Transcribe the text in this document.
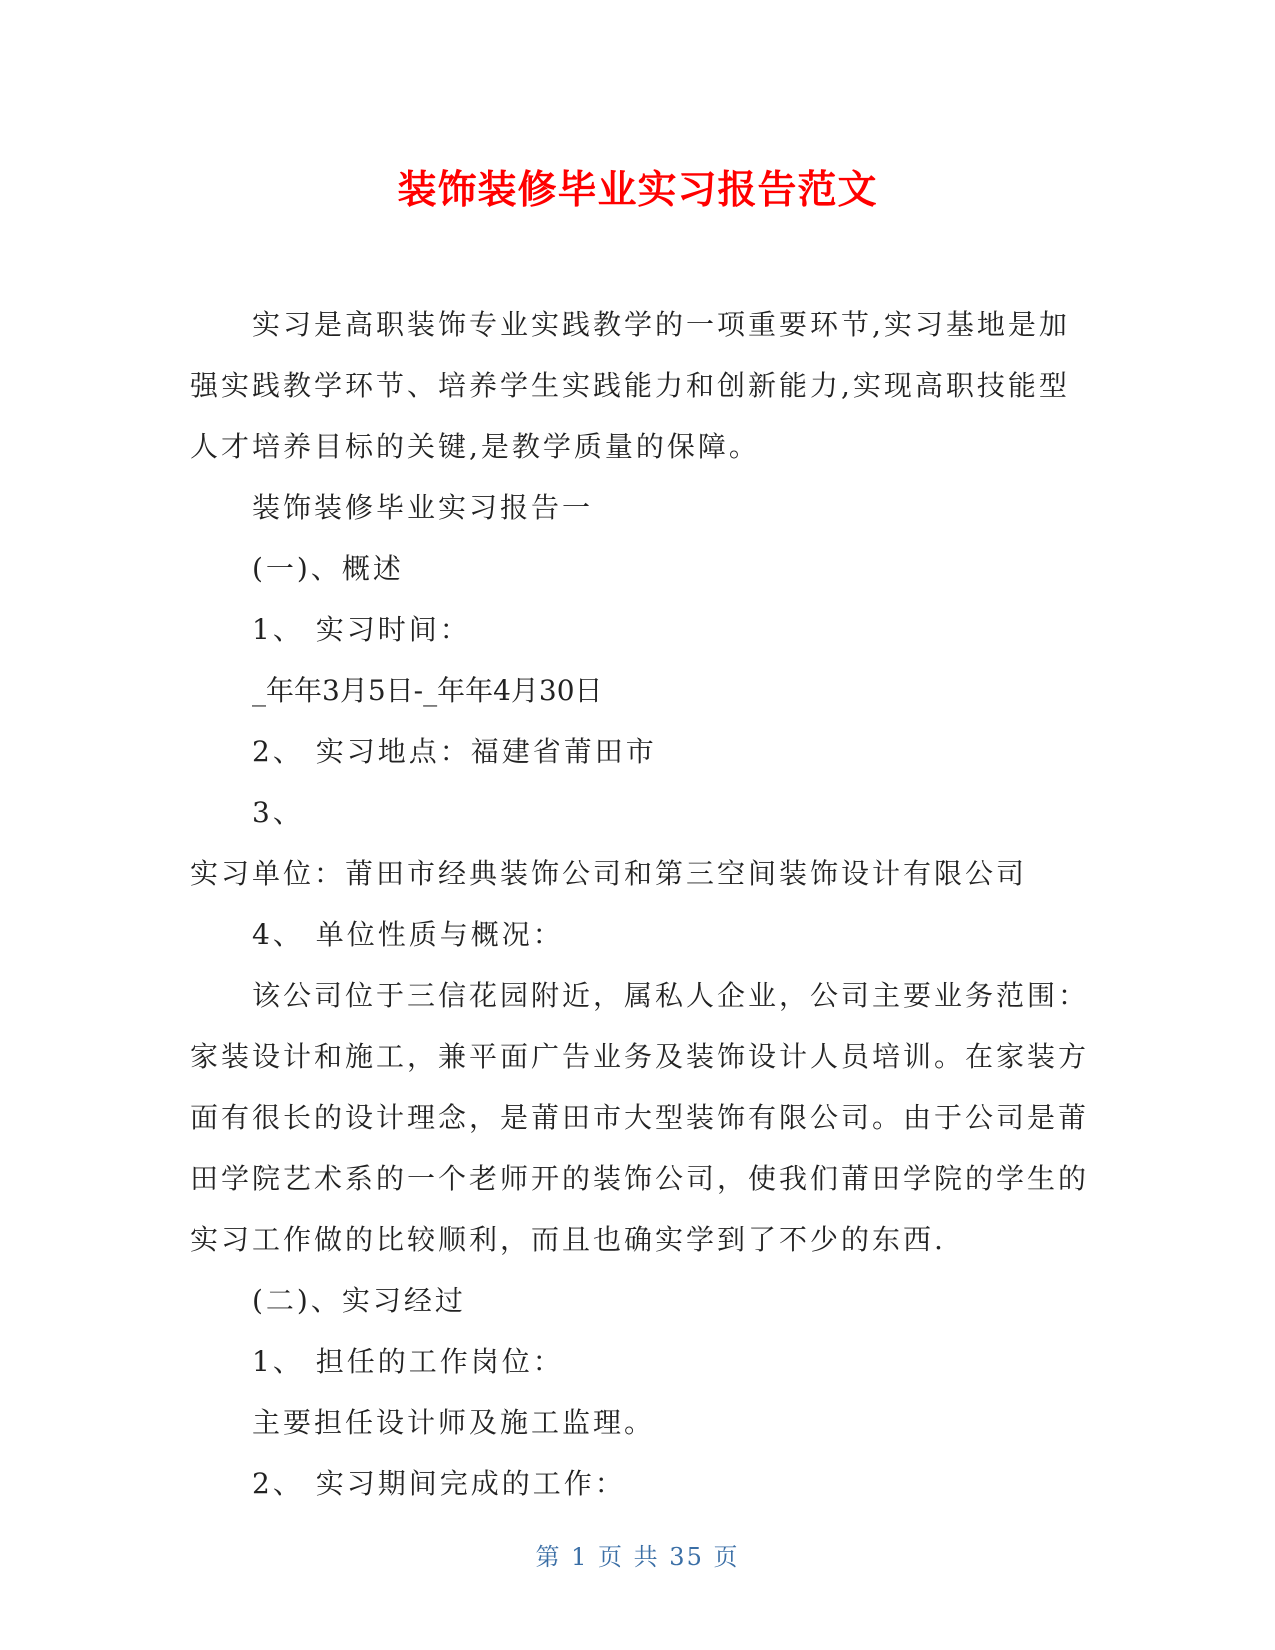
装饰装修毕业实习报告范文

实习是高职装饰专业实践教学的一项重要环节,实习基地是加强实践教学环节、培养学生实践能力和创新能力,实现高职技能型人才培养目标的关键,是教学质量的保障。

装饰装修毕业实习报告一

(一)、概述

1、 实习时间：

_年年3月5日-_年年4月30日

2、 实习地点：福建省莆田市

3、

实习单位：莆田市经典装饰公司和第三空间装饰设计有限公司

4、 单位性质与概况：

该公司位于三信花园附近，属私人企业，公司主要业务范围：家装设计和施工，兼平面广告业务及装饰设计人员培训。在家装方面有很长的设计理念，是莆田市大型装饰有限公司。由于公司是莆田学院艺术系的一个老师开的装饰公司，使我们莆田学院的学生的实习工作做的比较顺利，而且也确实学到了不少的东西.

(二)、实习经过

1、 担任的工作岗位：

主要担任设计师及施工监理。

2、 实习期间完成的工作：

第 1 页 共 35 页
